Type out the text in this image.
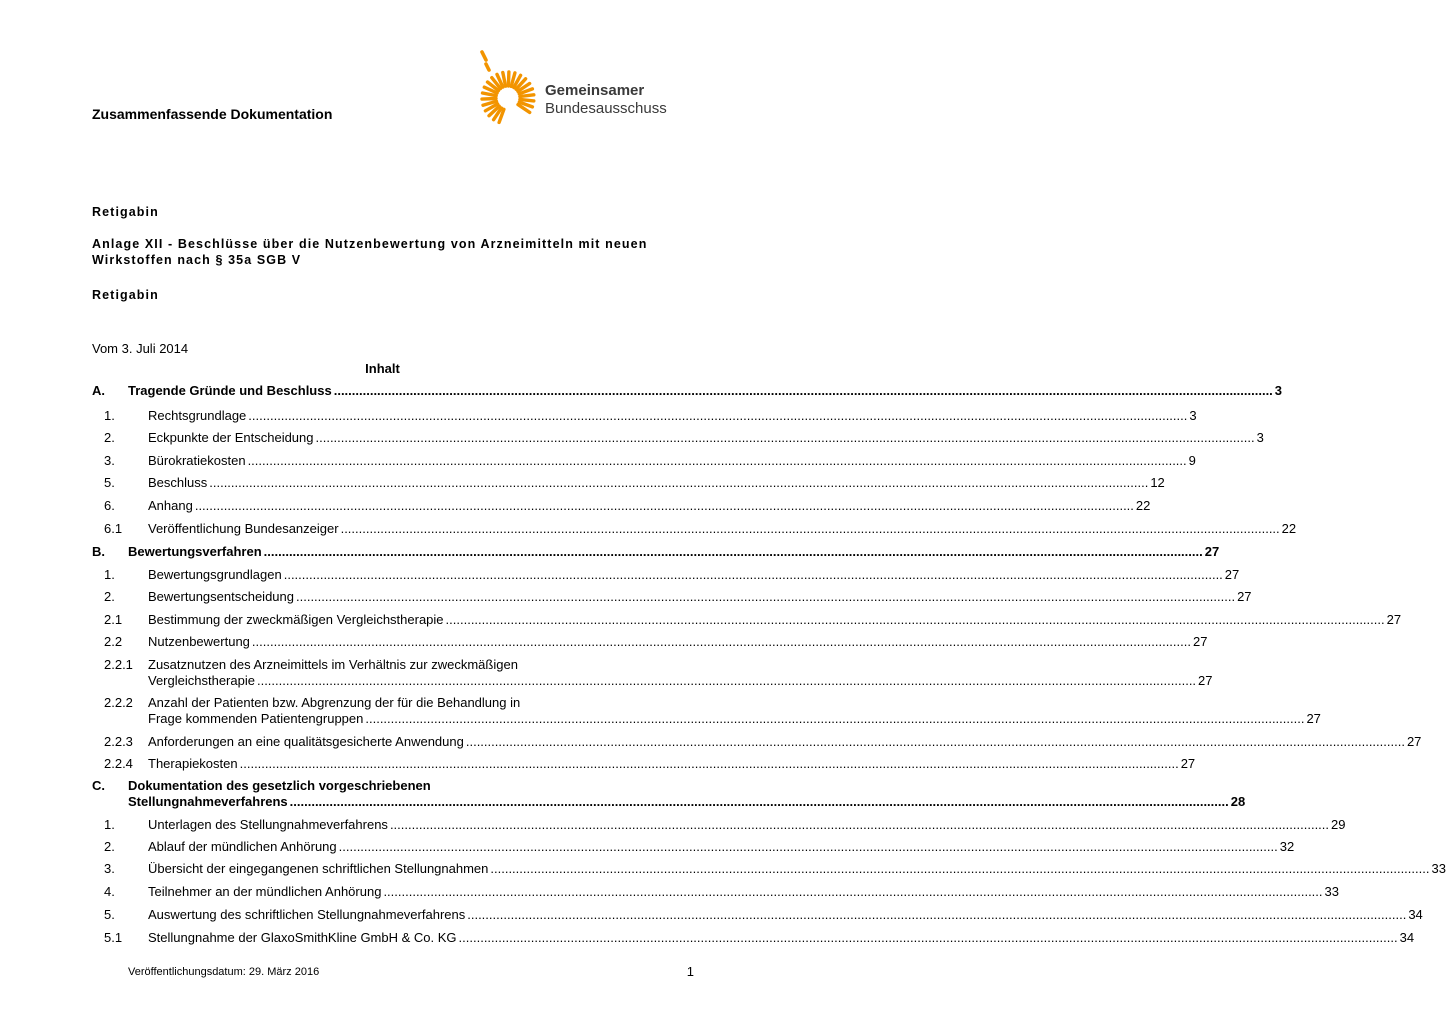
Gemeinsamer
Bundesausschuss
Zusammenfassende Dokumentation
Retigabin
Anlage XII - Beschlüsse über die Nutzenbewertung von Arzneimitteln mit neuen Wirkstoffen nach § 35a SGB V
Retigabin
Vom 3. Juli 2014
Inhalt
A. Tragende Gründe und Beschluss .................................................................................................................................................................................................................................................................... 3
1.	Rechtsgrundlage .................................................................................................................................................................................................................................................................... 3
2.	Eckpunkte der Entscheidung .................................................................................................................................................................................................................................................................... 3
3.	Bürokratiekosten .................................................................................................................................................................................................................................................................... 9
5.	Beschluss .................................................................................................................................................................................................................................................................... 12
6.	Anhang .................................................................................................................................................................................................................................................................... 22
6.1 Veröffentlichung Bundesanzeiger .................................................................................................................................................................................................................................................................... 22
B. Bewertungsverfahren .................................................................................................................................................................................................................................................................... 27
1.	Bewertungsgrundlagen .................................................................................................................................................................................................................................................................... 27
2.	Bewertungsentscheidung .................................................................................................................................................................................................................................................................... 27
2.1 Bestimmung der zweckmäßigen Vergleichstherapie .................................................................................................................................................................................................................................................................... 27
2.2 Nutzenbewertung .................................................................................................................................................................................................................................................................... 27
2.2.1 Zusatznutzen des Arzneimittels im Verhältnis zur zweckmäßigen
Vergleichstherapie .................................................................................................................................................................................................................................................................... 27
2.2.2 Anzahl der Patienten bzw. Abgrenzung der für die Behandlung in
Frage kommenden Patientengruppen .................................................................................................................................................................................................................................................................... 27
2.2.3 Anforderungen an eine qualitätsgesicherte Anwendung .................................................................................................................................................................................................................................................................... 27
2.2.4 Therapiekosten .................................................................................................................................................................................................................................................................... 27
C. Dokumentation des gesetzlich vorgeschriebenen
Stellungnahmeverfahrens .................................................................................................................................................................................................................................................................... 28
1.	Unterlagen des Stellungnahmeverfahrens .................................................................................................................................................................................................................................................................... 29
2.	Ablauf der mündlichen Anhörung .................................................................................................................................................................................................................................................................... 32
3.	Übersicht der eingegangenen schriftlichen Stellungnahmen .................................................................................................................................................................................................................................................................... 33
4.	Teilnehmer an der mündlichen Anhörung .................................................................................................................................................................................................................................................................... 33
5.	Auswertung des schriftlichen Stellungnahmeverfahrens .................................................................................................................................................................................................................................................................... 34
5.1 Stellungnahme der GlaxoSmithKline GmbH & Co. KG .................................................................................................................................................................................................................................................................... 34
Veröffentlichungsdatum: 29. März 2016	1
